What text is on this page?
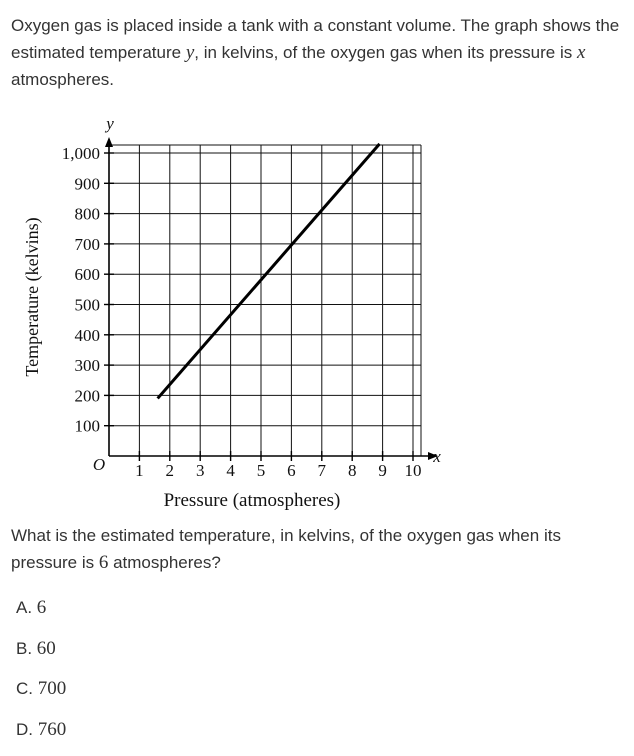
Oxygen gas is placed inside a tank with a constant volume. The graph shows the estimated temperature y, in kelvins, of the oxygen gas when its pressure is x atmospheres.
1 2 3 4 5 6 7 8 9 10
100
200
300
400
500
600
700
800
900
1,000
Temperature (kelvins)
Pressure (atmospheres)
y
x
O
What is the estimated temperature, in kelvins, of the oxygen gas when its pressure is 6 atmospheres?
A. 6
B. 60
C. 700
D. 760
